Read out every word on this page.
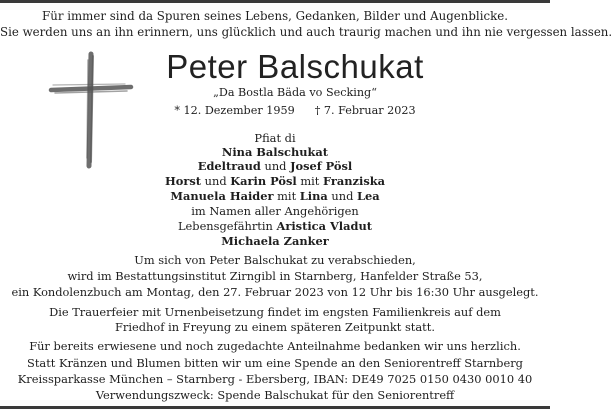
Für immer sind da Spuren seines Lebens, Gedanken, Bilder und Augenblicke.
Sie werden uns an ihn erinnern, uns glücklich und auch traurig machen und ihn nie vergessen lassen.
Peter Balschukat
„Da Bostla Bäda vo Secking“
* 12. Dezember 1959 † 7. Februar 2023
Pfiat di
Nina Balschukat
Edeltraud und Josef Pösl
Horst und Karin Pösl mit Franziska
Manuela Haider mit Lina und Lea
im Namen aller Angehörigen
Lebensgefährtin Aristica Vladut
Michaela Zanker
Um sich von Peter Balschukat zu verabschieden,
wird im Bestattungsinstitut Zirngibl in Starnberg, Hanfelder Straße 53,
ein Kondolenzbuch am Montag, den 27. Februar 2023 von 12 Uhr bis 16:30 Uhr ausgelegt.
Die Trauerfeier mit Urnenbeisetzung findet im engsten Familienkreis auf dem
Friedhof in Freyung zu einem späteren Zeitpunkt statt.
Für bereits erwiesene und noch zugedachte Anteilnahme bedanken wir uns herzlich.
Statt Kränzen und Blumen bitten wir um eine Spende an den Seniorentreff Starnberg
Kreissparkasse München – Starnberg - Ebersberg, IBAN: DE49 7025 0150 0430 0010 40
Verwendungszweck: Spende Balschukat für den Seniorentreff
